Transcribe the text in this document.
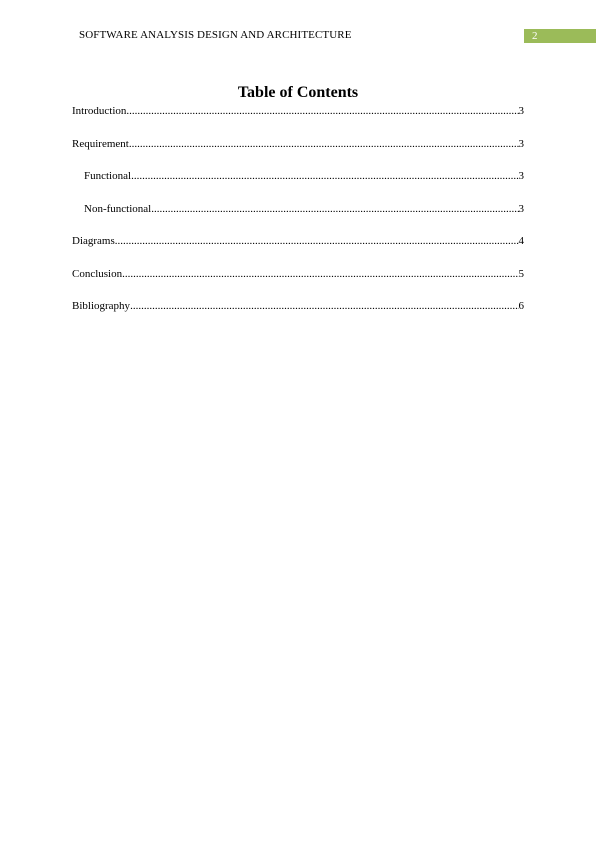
SOFTWARE ANALYSIS DESIGN AND ARCHITECTURE	2
Table of Contents
Introduction .....	3
Requirement .....	3
Functional .....	3
Non-functional .....	3
Diagrams .....	4
Conclusion .....	5
Bibliography .....	6
